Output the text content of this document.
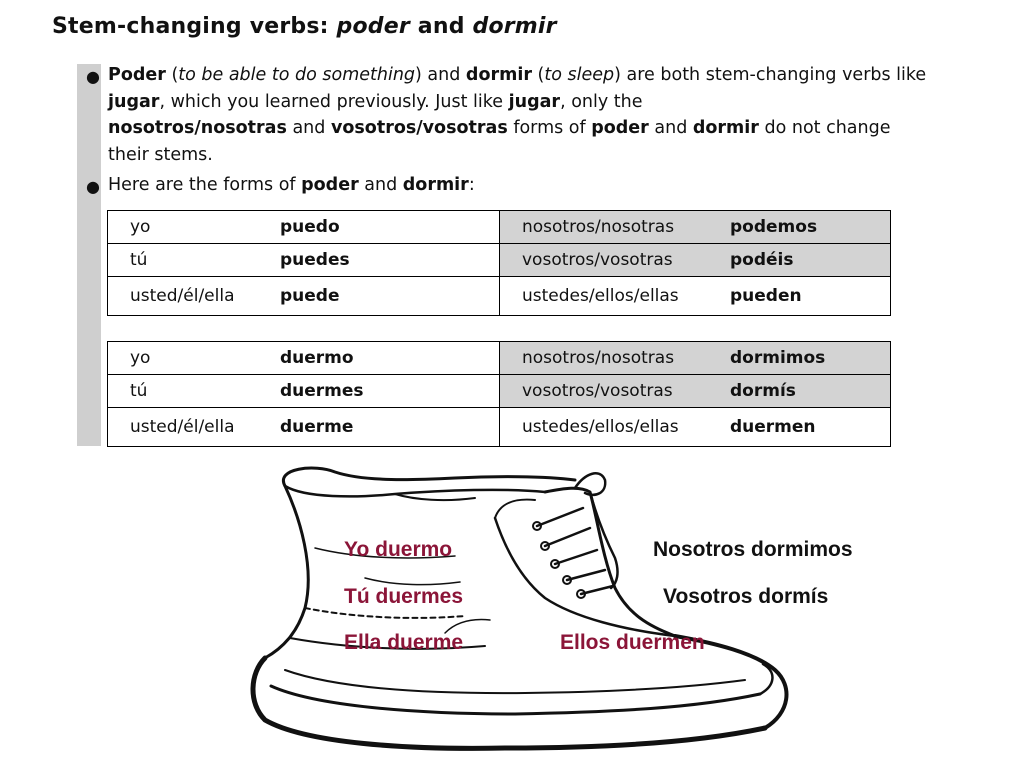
Stem-changing verbs: poder and dormir
● Poder (to be able to do something) and dormir (to sleep) are both stem-changing verbs like jugar, which you learned previously. Just like jugar, only the
nosotros/nosotras and vosotros/vosotras forms of poder and dormir do not change their stems.
● Here are the forms of poder and dormir:
yo puedo	nosotros/nosotras podemos

tú puedes	vosotros/vosotras podéis

usted/él/ella puede	ustedes/ellos/ellas pueden
yo duermo	nosotros/nosotras dormimos

tú duermes	vosotros/vosotras dormís

usted/él/ella duerme	ustedes/ellos/ellas duermen
Yo duermo
Tú duermes
Ella duerme	Ellos duermen
Nosotros dormimos
Vosotros dormís
